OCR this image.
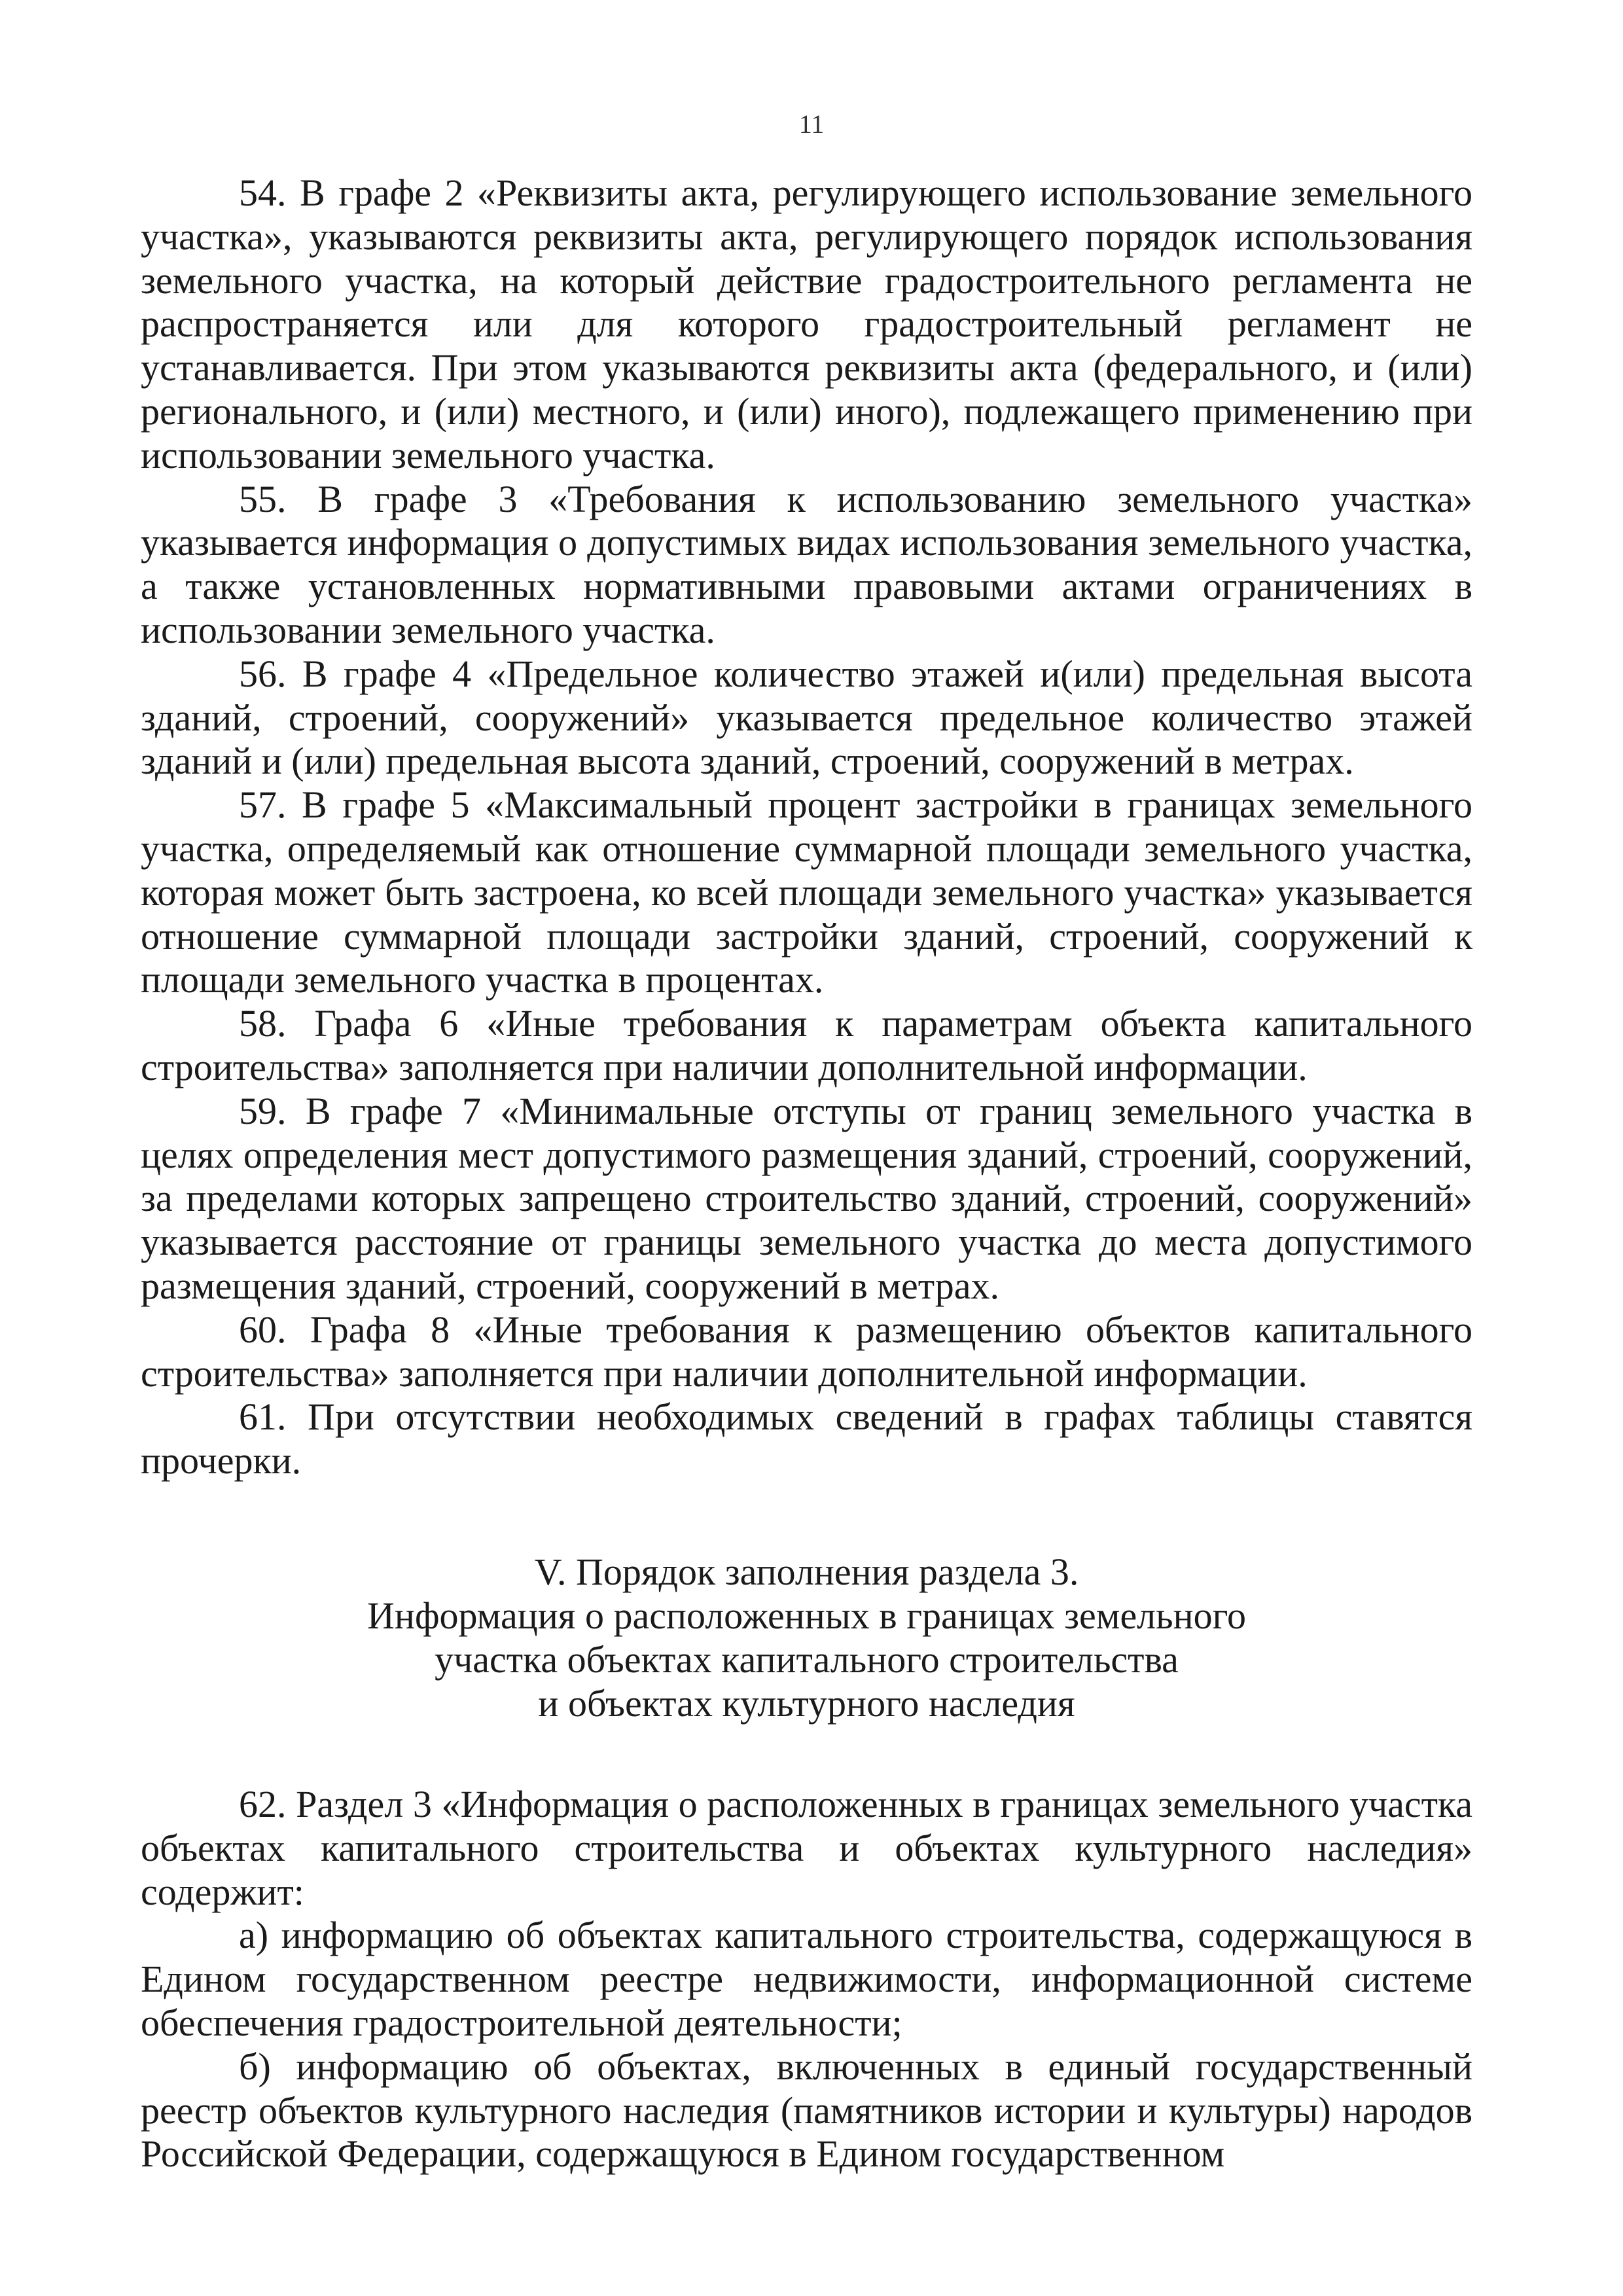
11

54. В графе 2 «Реквизиты акта, регулирующего использование земельного участка», указываются реквизиты акта, регулирующего порядок использования земельного участка, на который действие градостроительного регламента не распространяется или для которого градостроительный регламент не устанавливается. При этом указываются реквизиты акта (федерального, и (или) регионального, и (или) местного, и (или) иного), подлежащего применению при использовании земельного участка.

55. В графе 3 «Требования к использованию земельного участка» указывается информация о допустимых видах использования земельного участка, а также установленных нормативными правовыми актами ограничениях в использовании земельного участка.

56. В графе 4 «Предельное количество этажей и(или) предельная высота зданий, строений, сооружений» указывается предельное количество этажей зданий и (или) предельная высота зданий, строений, сооружений в метрах.

57. В графе 5 «Максимальный процент застройки в границах земельного участка, определяемый как отношение суммарной площади земельного участка, которая может быть застроена, ко всей площади земельного участка» указывается отношение суммарной площади застройки зданий, строений, сооружений к площади земельного участка в процентах.

58. Графа 6 «Иные требования к параметрам объекта капитального строительства» заполняется при наличии дополнительной информации.

59. В графе 7 «Минимальные отступы от границ земельного участка в целях определения мест допустимого размещения зданий, строений, сооружений, за пределами которых запрещено строительство зданий, строений, сооружений» указывается расстояние от границы земельного участка до места допустимого размещения зданий, строений, сооружений в метрах.

60. Графа 8 «Иные требования к размещению объектов капитального строительства» заполняется при наличии дополнительной информации.

61. При отсутствии необходимых сведений в графах таблицы ставятся прочерки.

V. Порядок заполнения раздела 3.
Информация о расположенных в границах земельного
участка объектах капитального строительства
и объектах культурного наследия

62. Раздел 3 «Информация о расположенных в границах земельного участка объектах капитального строительства и объектах культурного наследия» содержит:

а) информацию об объектах капитального строительства, содержащуюся в Едином государственном реестре недвижимости, информационной системе обеспечения градостроительной деятельности;

б) информацию об объектах, включенных в единый государственный реестр объектов культурного наследия (памятников истории и культуры) народов Российской Федерации, содержащуюся в Едином государственном
